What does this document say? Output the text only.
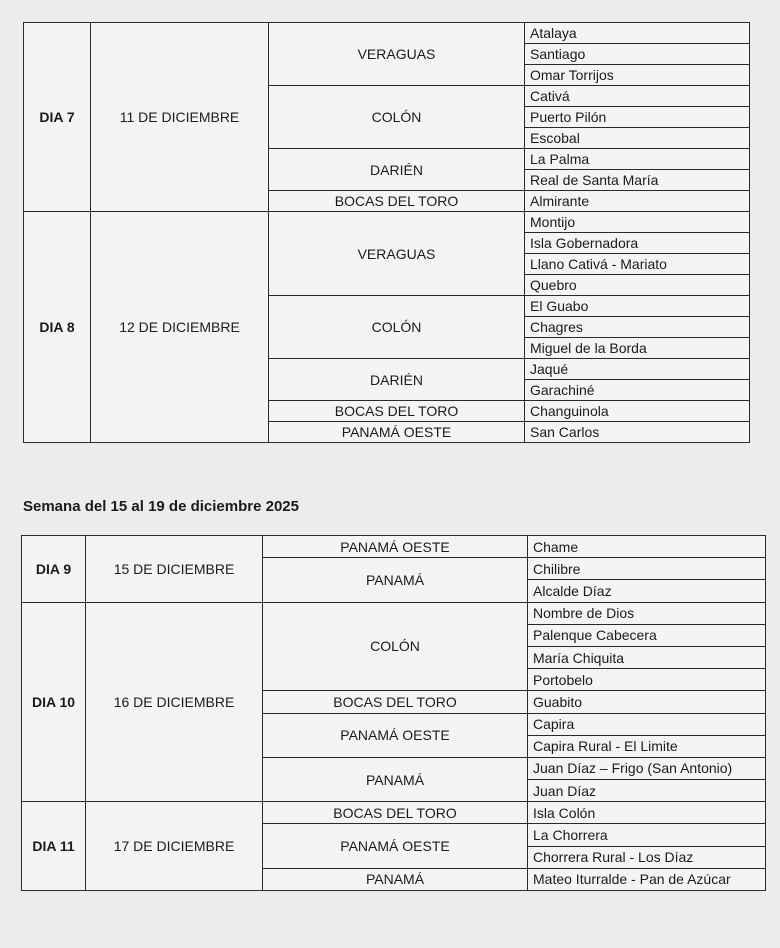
DIA 7	11 DE DICIEMBRE	VERAGUAS	Atalaya
			Santiago
			Omar Torrijos
		COLÓN	Cativá
			Puerto Pilón
			Escobal
		DARIÉN	La Palma
			Real de Santa María
		BOCAS DEL TORO	Almirante
DIA 8	12 DE DICIEMBRE	VERAGUAS	Montijo
			Isla Gobernadora
			Llano Cativá - Mariato
			Quebro
		COLÓN	El Guabo
			Chagres
			Miguel de la Borda
		DARIÉN	Jaqué
			Garachiné
		BOCAS DEL TORO	Changuinola
		PANAMÁ OESTE	San Carlos
Semana del 15 al 19 de diciembre 2025
DIA 9	15 DE DICIEMBRE	PANAMÁ OESTE	Chame
		PANAMÁ	Chilibre
			Alcalde Díaz
DIA 10	16 DE DICIEMBRE	COLÓN	Nombre de Dios
			Palenque Cabecera
			María Chiquita
			Portobelo
		BOCAS DEL TORO	Guabito
		PANAMÁ OESTE	Capira
			Capira Rural - El Limite
		PANAMÁ	Juan Díaz – Frigo (San Antonio)
			Juan Díaz
DIA 11	17 DE DICIEMBRE	BOCAS DEL TORO	Isla Colón
		PANAMÁ OESTE	La Chorrera
			Chorrera Rural - Los Díaz
		PANAMÁ	Mateo Iturralde - Pan de Azúcar
